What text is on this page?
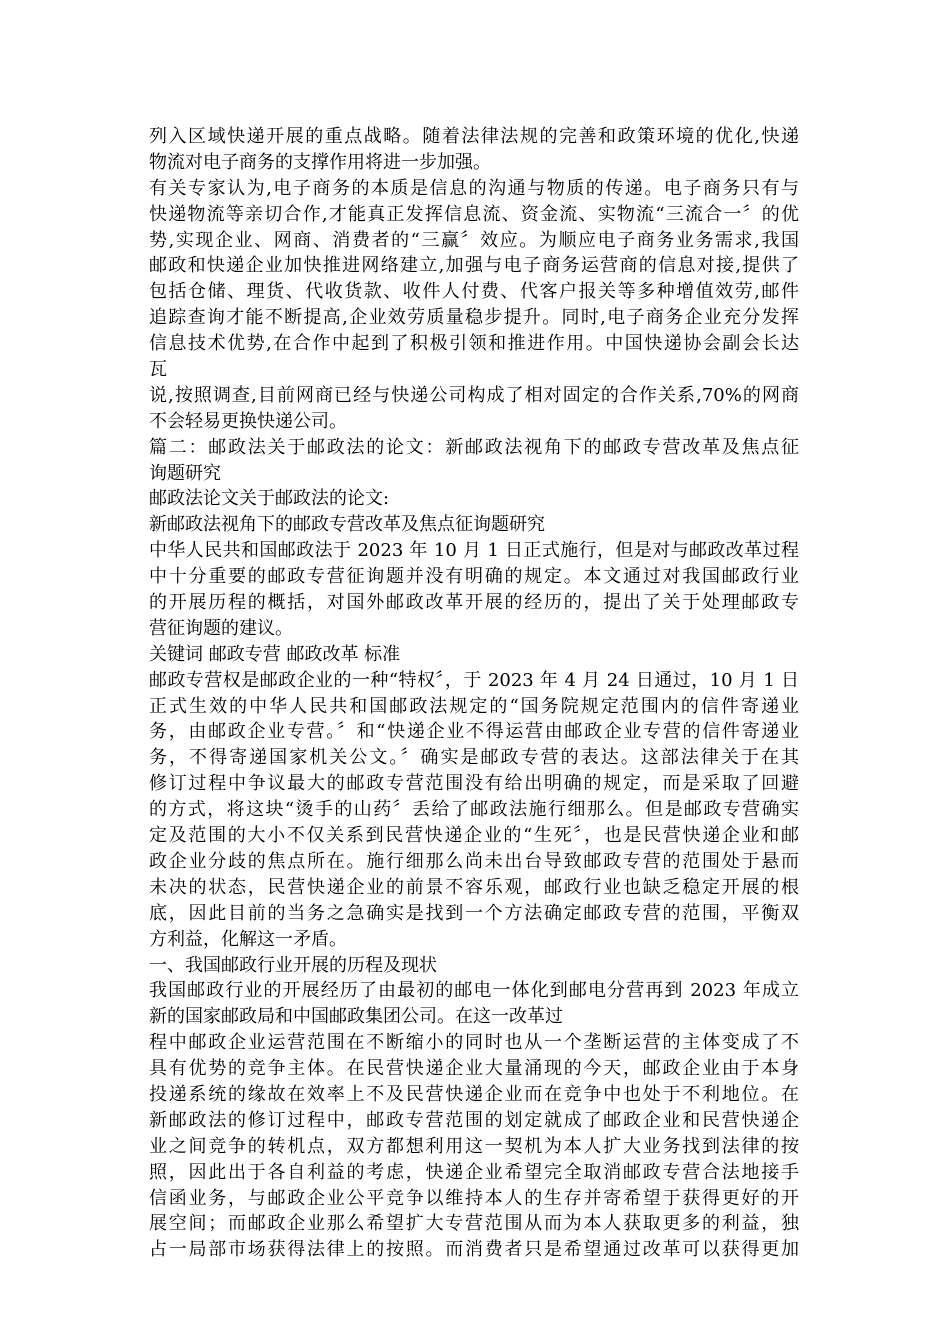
列入区域快递开展的重点战略。随着法律法规的完善和政策环境的优化,快递
物流对电子商务的支撑作用将进一步加强。
有关专家认为,电子商务的本质是信息的沟通与物质的传递。电子商务只有与
快递物流等亲切合作,才能真正发挥信息流、资金流、实物流“三流合一〞的优
势,实现企业、网商、消费者的“三赢〞效应。为顺应电子商务业务需求,我国
邮政和快递企业加快推进网络建立,加强与电子商务运营商的信息对接,提供了
包括仓储、理货、代收货款、收件人付费、代客户报关等多种增值效劳,邮件
追踪查询才能不断提高,企业效劳质量稳步提升。同时,电子商务企业充分发挥
信息技术优势,在合作中起到了积极引领和推进作用。中国快递协会副会长达
瓦
说,按照调查,目前网商已经与快递公司构成了相对固定的合作关系,70%的网商
不会轻易更换快递公司。
篇二：邮政法关于邮政法的论文：新邮政法视角下的邮政专营改革及焦点征
询题研究
邮政法论文关于邮政法的论文:
新邮政法视角下的邮政专营改革及焦点征询题研究
中华人民共和国邮政法于 2023 年 10 月 1 日正式施行，但是对与邮政改革过程
中十分重要的邮政专营征询题并没有明确的规定。本文通过对我国邮政行业
的开展历程的概括，对国外邮政改革开展的经历的，提出了关于处理邮政专
营征询题的建议。
关键词 邮政专营 邮政改革 标准
邮政专营权是邮政企业的一种“特权〞，于 2023 年 4 月 24 日通过，10 月 1 日
正式生效的中华人民共和国邮政法规定的“国务院规定范围内的信件寄递业
务，由邮政企业专营。〞和“快递企业不得运营由邮政企业专营的信件寄递业
务，不得寄递国家机关公文。〞确实是邮政专营的表达。这部法律关于在其
修订过程中争议最大的邮政专营范围没有给出明确的规定，而是采取了回避
的方式，将这块“烫手的山药〞丢给了邮政法施行细那么。但是邮政专营确实
定及范围的大小不仅关系到民营快递企业的“生死〞，也是民营快递企业和邮
政企业分歧的焦点所在。施行细那么尚未出台导致邮政专营的范围处于悬而
未决的状态，民营快递企业的前景不容乐观，邮政行业也缺乏稳定开展的根
底，因此目前的当务之急确实是找到一个方法确定邮政专营的范围，平衡双
方利益，化解这一矛盾。
一、我国邮政行业开展的历程及现状
我国邮政行业的开展经历了由最初的邮电一体化到邮电分营再到 2023 年成立
新的国家邮政局和中国邮政集团公司。在这一改革过
程中邮政企业运营范围在不断缩小的同时也从一个垄断运营的主体变成了不
具有优势的竞争主体。在民营快递企业大量涌现的今天，邮政企业由于本身
投递系统的缘故在效率上不及民营快递企业而在竞争中也处于不利地位。在
新邮政法的修订过程中，邮政专营范围的划定就成了邮政企业和民营快递企
业之间竞争的转机点，双方都想利用这一契机为本人扩大业务找到法律的按
照，因此出于各自利益的考虑，快递企业希望完全取消邮政专营合法地接手
信函业务，与邮政企业公平竞争以维持本人的生存并寄希望于获得更好的开
展空间；而邮政企业那么希望扩大专营范围从而为本人获取更多的利益，独
占一局部市场获得法律上的按照。而消费者只是希望通过改革可以获得更加
